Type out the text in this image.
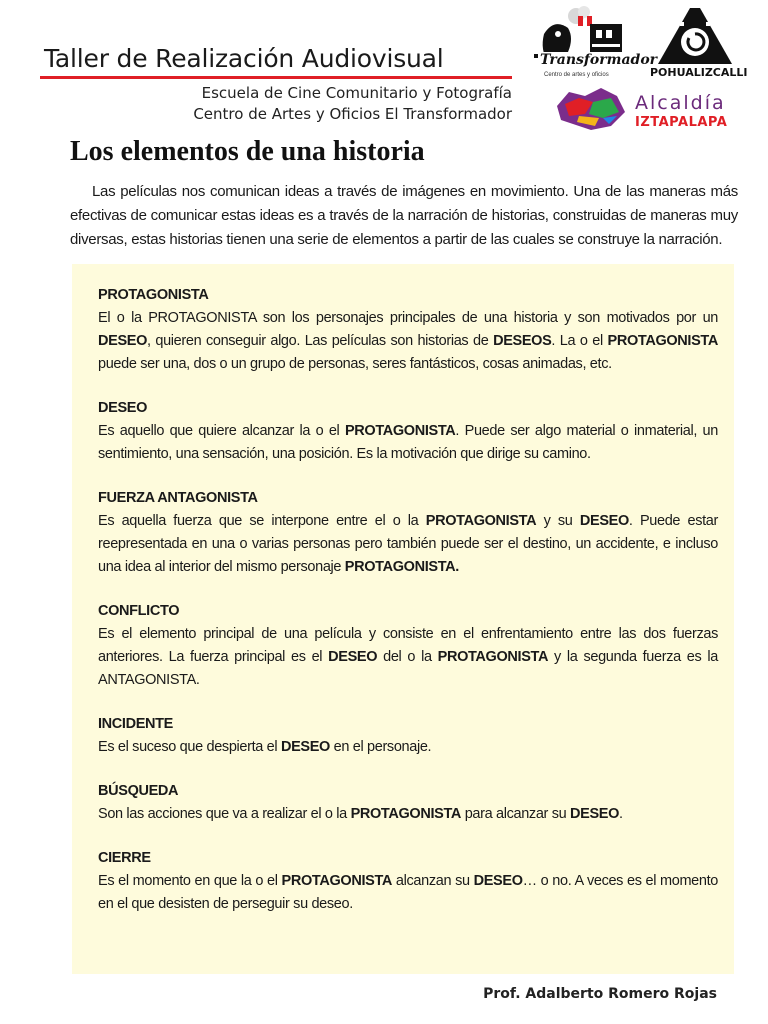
Taller de Realización Audiovisual
Escuela de Cine Comunitario y Fotografía
Centro de Artes y Oficios El Transformador
Transformador
Centro de artes y oficios	POHUALIZCALLI
Alcaldía
IZTAPALAPA
Los elementos de una historia
Las películas nos comunican ideas a través de imágenes en movimiento. Una de las maneras más efectivas de comunicar estas ideas es a través de la narración de historias, construidas de maneras muy diversas, estas historias tienen una serie de elementos a partir de las cuales se construye la narración.
PROTAGONISTA
El o la PROTAGONISTA son los personajes principales de una historia y son motivados por un DESEO, quieren conseguir algo. Las películas son historias de DESEOS. La o el PROTAGONISTA puede ser una, dos o un grupo de personas, seres fantásticos, cosas animadas, etc.
DESEO
Es aquello que quiere alcanzar la o el PROTAGONISTA. Puede ser algo material o inmaterial, un sentimiento, una sensación, una posición. Es la motivación que dirige su camino.
FUERZA ANTAGONISTA
Es aquella fuerza que se interpone entre el o la PROTAGONISTA y su DESEO. Puede estar reepresentada en una o varias personas pero también puede ser el destino, un accidente, e incluso una idea al interior del mismo personaje PROTAGONISTA.
CONFLICTO
Es el elemento principal de una película y consiste en el enfrentamiento entre las dos fuerzas anteriores. La fuerza principal es el DESEO del o la PROTAGONISTA y la segunda fuerza es la ANTAGONISTA.
INCIDENTE
Es el suceso que despierta el DESEO en el personaje.
BÚSQUEDA
Son las acciones que va a realizar el o la PROTAGONISTA para alcanzar su DESEO.
CIERRE
Es el momento en que la o el PROTAGONISTA alcanzan su DESEO… o no. A veces es el momento en el que desisten de perseguir su deseo.
Prof. Adalberto Romero Rojas
